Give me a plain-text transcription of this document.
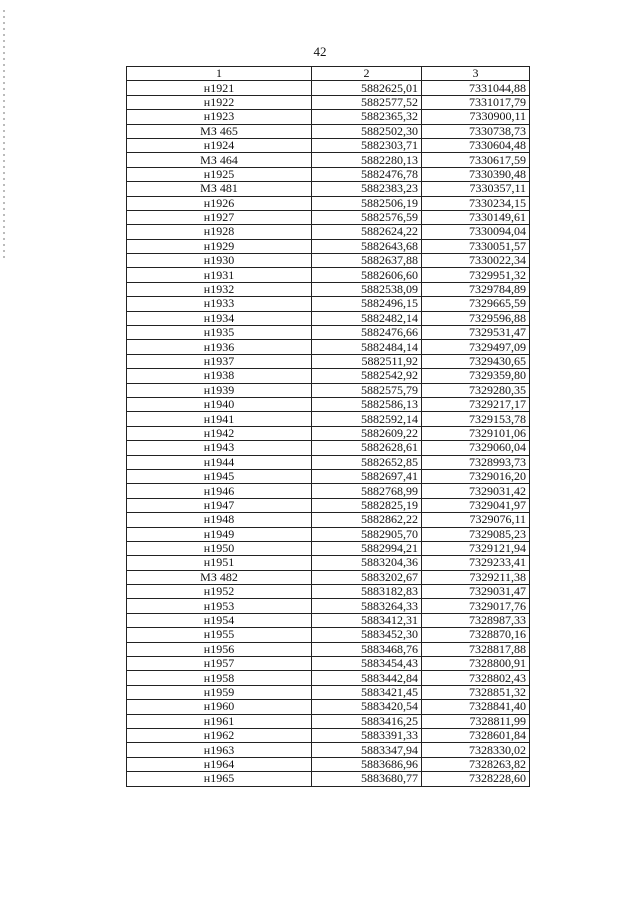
42
1	2	3
н1921	5882625,01	7331044,88
н1922	5882577,52	7331017,79
н1923	5882365,32	7330900,11
МЗ 465	5882502,30	7330738,73
н1924	5882303,71	7330604,48
МЗ 464	5882280,13	7330617,59
н1925	5882476,78	7330390,48
МЗ 481	5882383,23	7330357,11
н1926	5882506,19	7330234,15
н1927	5882576,59	7330149,61
н1928	5882624,22	7330094,04
н1929	5882643,68	7330051,57
н1930	5882637,88	7330022,34
н1931	5882606,60	7329951,32
н1932	5882538,09	7329784,89
н1933	5882496,15	7329665,59
н1934	5882482,14	7329596,88
н1935	5882476,66	7329531,47
н1936	5882484,14	7329497,09
н1937	5882511,92	7329430,65
н1938	5882542,92	7329359,80
н1939	5882575,79	7329280,35
н1940	5882586,13	7329217,17
н1941	5882592,14	7329153,78
н1942	5882609,22	7329101,06
н1943	5882628,61	7329060,04
н1944	5882652,85	7328993,73
н1945	5882697,41	7329016,20
н1946	5882768,99	7329031,42
н1947	5882825,19	7329041,97
н1948	5882862,22	7329076,11
н1949	5882905,70	7329085,23
н1950	5882994,21	7329121,94
н1951	5883204,36	7329233,41
МЗ 482	5883202,67	7329211,38
н1952	5883182,83	7329031,47
н1953	5883264,33	7329017,76
н1954	5883412,31	7328987,33
н1955	5883452,30	7328870,16
н1956	5883468,76	7328817,88
н1957	5883454,43	7328800,91
н1958	5883442,84	7328802,43
н1959	5883421,45	7328851,32
н1960	5883420,54	7328841,40
н1961	5883416,25	7328811,99
н1962	5883391,33	7328601,84
н1963	5883347,94	7328330,02
н1964	5883686,96	7328263,82
н1965	5883680,77	7328228,60
